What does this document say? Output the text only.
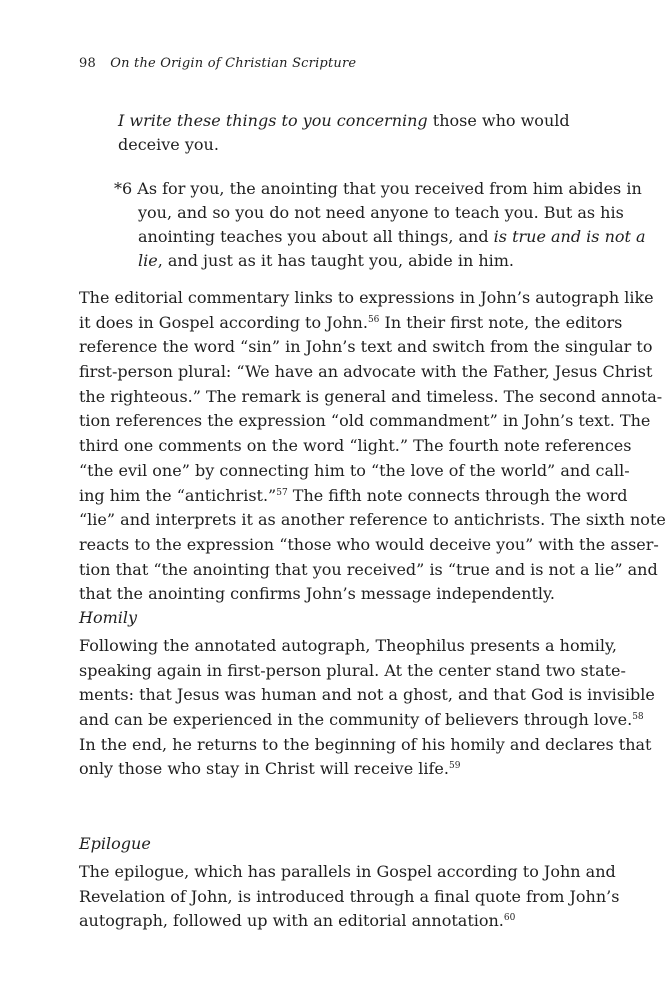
98 On the Origin of Christian Scripture
I write these things to you concerning those who would
deceive you.
*6 As for you, the anointing that you received from him abides in
you, and so you do not need anyone to teach you. But as his
anointing teaches you about all things, and is true and is not a
lie, and just as it has taught you, abide in him.
The editorial commentary links to expressions in John’s autograph like
it does in Gospel according to John.$^{56}$ In their first note, the editors
reference the word “sin” in John’s text and switch from the singular to
first-person plural: “We have an advocate with the Father, Jesus Christ
the righteous.” The remark is general and timeless. The second annota-
tion references the expression “old commandment” in John’s text. The
third one comments on the word “light.” The fourth note references
“the evil one” by connecting him to “the love of the world” and call-
ing him the “antichrist.”$^{57}$ The fifth note connects through the word
“lie” and interprets it as another reference to antichrists. The sixth note
reacts to the expression “those who would deceive you” with the asser-
tion that “the anointing that you received” is “true and is not a lie” and
that the anointing confirms John’s message independently.
Homily
Following the annotated autograph, Theophilus presents a homily,
speaking again in first-person plural. At the center stand two state-
ments: that Jesus was human and not a ghost, and that God is invisible
and can be experienced in the community of believers through love.$^{58}$
In the end, he returns to the beginning of his homily and declares that
only those who stay in Christ will receive life.$^{59}$
Epilogue
The epilogue, which has parallels in Gospel according to John and
Revelation of John, is introduced through a final quote from John’s
autograph, followed up with an editorial annotation.$^{60}$
